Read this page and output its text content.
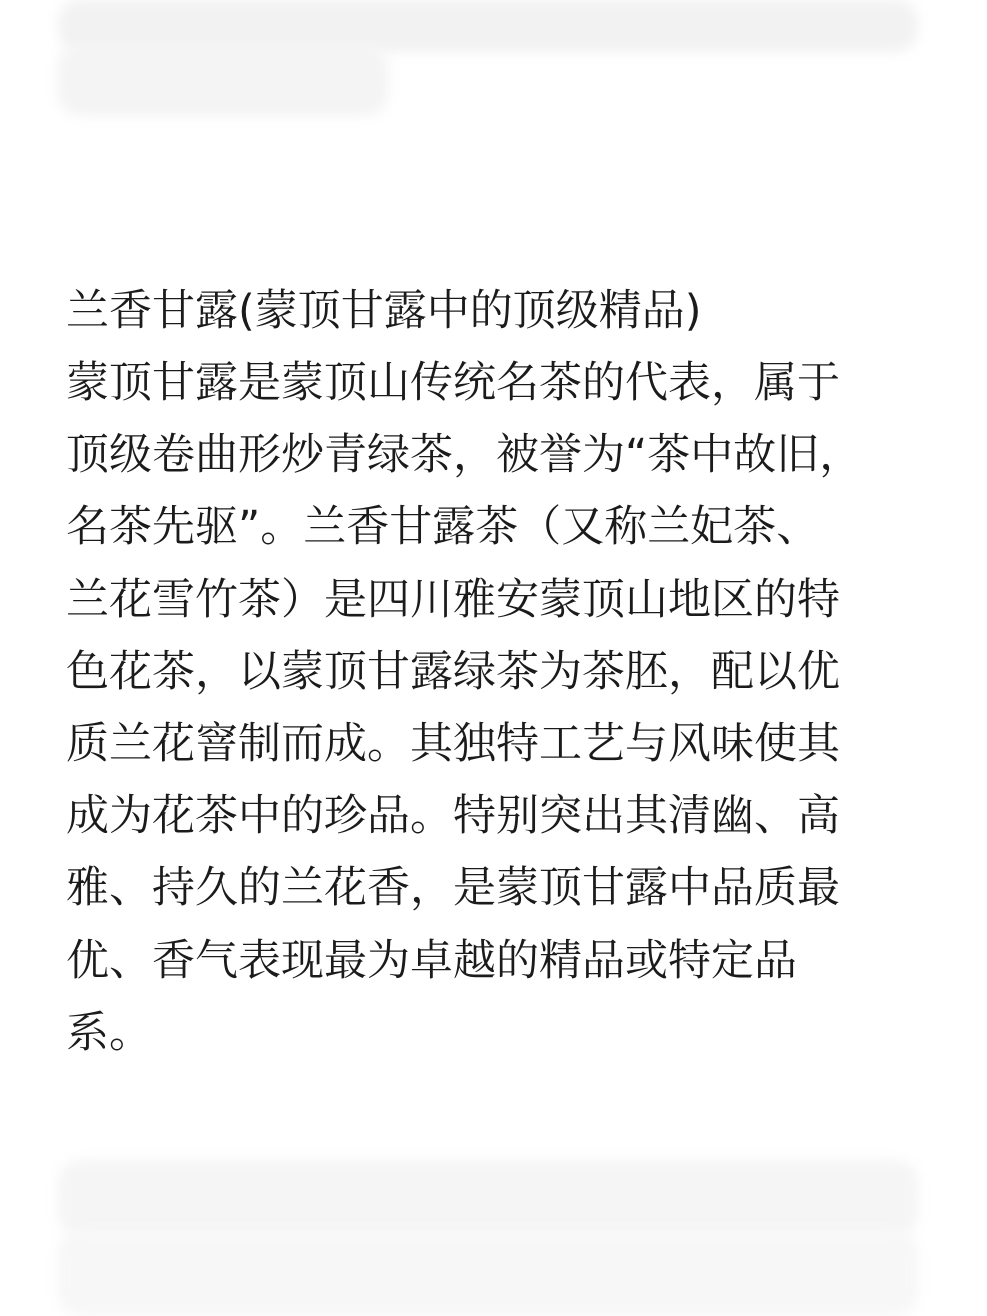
兰香甘露(蒙顶甘露中的顶级精品)

蒙顶甘露是蒙顶山传统名茶的代表，属于

顶级卷曲形炒青绿茶，被誉为“茶中故旧，

名茶先驱”。兰香甘露茶（又称兰妃茶、

兰花雪竹茶）是四川雅安蒙顶山地区的特

色花茶，以蒙顶甘露绿茶为茶胚，配以优

质兰花窨制而成。其独特工艺与风味使其

成为花茶中的珍品。特别突出其清幽、高

雅、持久的兰花香，是蒙顶甘露中品质最

优、香气表现最为卓越的精品或特定品

系。
